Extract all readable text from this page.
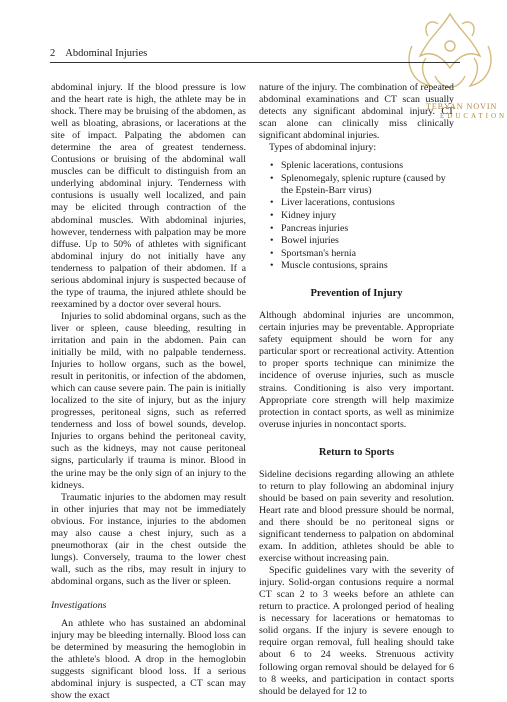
TEBYAN NOVIN
EDUCATION
2 Abdominal Injuries

abdominal injury. If the blood pressure is low and the heart rate is high, the athlete may be in shock. There may be bruising of the abdomen, as well as bloating, abrasions, or lacerations at the site of impact. Palpating the abdomen can determine the area of greatest tenderness. Contusions or bruising of the abdominal wall muscles can be difficult to distinguish from an underlying abdominal injury. Tenderness with contusions is usually well localized, and pain may be elicited through contraction of the abdominal muscles. With abdominal injuries, however, tenderness with palpation may be more diffuse. Up to 50% of athletes with significant abdominal injury do not initially have any tenderness to palpation of their abdomen. If a serious abdominal injury is suspected because of the type of trauma, the injured athlete should be reexamined by a doctor over several hours.

Injuries to solid abdominal organs, such as the liver or spleen, cause bleeding, resulting in irritation and pain in the abdomen. Pain can initially be mild, with no palpable tenderness. Injuries to hollow organs, such as the bowel, result in peritonitis, or infection of the abdomen, which can cause severe pain. The pain is initially localized to the site of injury, but as the injury progresses, peritoneal signs, such as referred tenderness and loss of bowel sounds, develop. Injuries to organs behind the peritoneal cavity, such as the kidneys, may not cause peritoneal signs, particularly if trauma is minor. Blood in the urine may be the only sign of an injury to the kidneys.

Traumatic injuries to the abdomen may result in other injuries that may not be immediately obvious. For instance, injuries to the abdomen may also cause a chest injury, such as a pneumothorax (air in the chest outside the lungs). Conversely, trauma to the lower chest wall, such as the ribs, may result in injury to abdominal organs, such as the liver or spleen.

Investigations

An athlete who has sustained an abdominal injury may be bleeding internally. Blood loss can be determined by measuring the hemoglobin in the athlete's blood. A drop in the hemoglobin suggests significant blood loss. If a serious abdominal injury is suspected, a CT scan may show the exact

nature of the injury. The combination of repeated abdominal examinations and CT scan usually detects any significant abdominal injury. CT scan alone can clinically miss clinically significant abdominal injuries.

Types of abdominal injury:

• Splenic lacerations, contusions
• Splenomegaly, splenic rupture (caused by the Epstein-Barr virus)
• Liver lacerations, contusions
• Kidney injury
• Pancreas injuries
• Bowel injuries
• Sportsman's hernia
• Muscle contusions, sprains
Prevention of Injury

Although abdominal injuries are uncommon, certain injuries may be preventable. Appropriate safety equipment should be worn for any particular sport or recreational activity. Attention to proper sports technique can minimize the incidence of overuse injuries, such as muscle strains. Conditioning is also very important. Appropriate core strength will help maximize protection in contact sports, as well as minimize overuse injuries in noncontact sports.

Return to Sports

Sideline decisions regarding allowing an athlete to return to play following an abdominal injury should be based on pain severity and resolution. Heart rate and blood pressure should be normal, and there should be no peritoneal signs or significant tenderness to palpation on abdominal exam. In addition, athletes should be able to exercise without increasing pain.

Specific guidelines vary with the severity of injury. Solid-organ contusions require a normal CT scan 2 to 3 weeks before an athlete can return to practice. A prolonged period of healing is necessary for lacerations or hematomas to solid organs. If the injury is severe enough to require organ removal, full healing should take about 6 to 24 weeks. Strenuous activity following organ removal should be delayed for 6 to 8 weeks, and participation in contact sports should be delayed for 12 to
